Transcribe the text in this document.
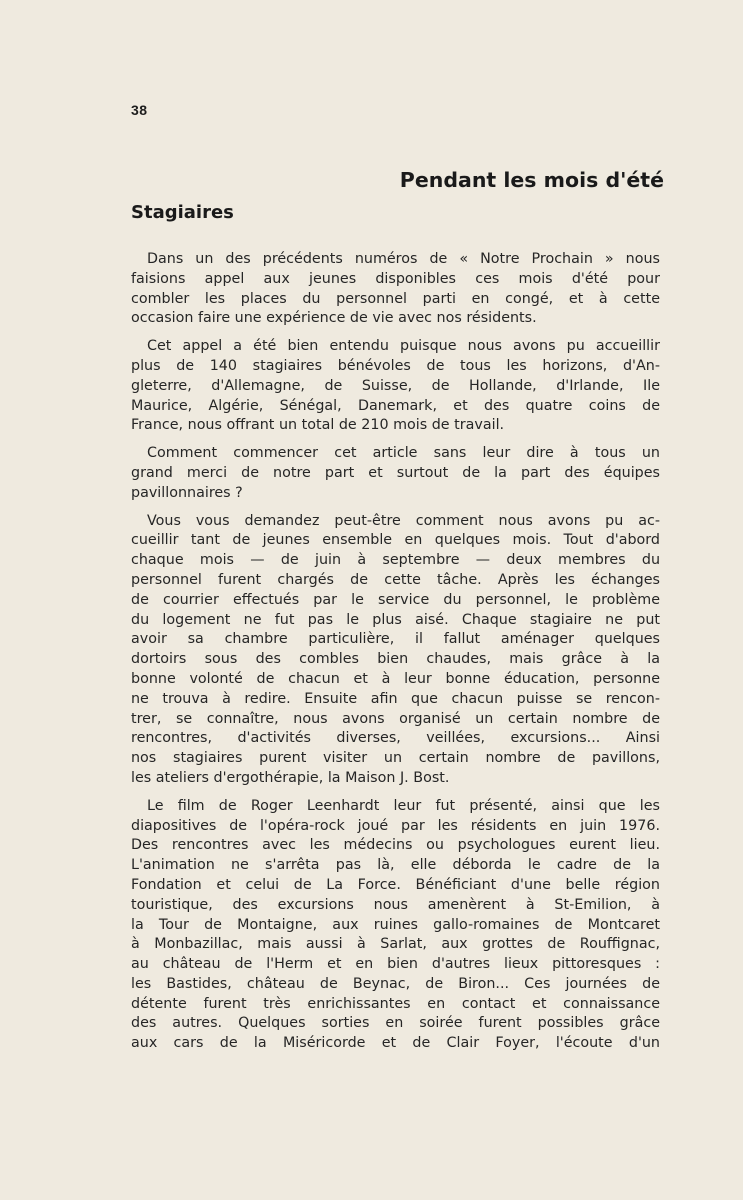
38
Pendant les mois d'été
Stagiaires
Dans un des précédents numéros de « Notre Prochain » nous
faisions appel aux jeunes disponibles ces mois d'été pour
combler les places du personnel parti en congé, et à cette
occasion faire une expérience de vie avec nos résidents.
Cet appel a été bien entendu puisque nous avons pu accueillir
plus de 140 stagiaires bénévoles de tous les horizons, d'An-
gleterre, d'Allemagne, de Suisse, de Hollande, d'Irlande, Ile
Maurice, Algérie, Sénégal, Danemark, et des quatre coins de
France, nous offrant un total de 210 mois de travail.
Comment commencer cet article sans leur dire à tous un
grand merci de notre part et surtout de la part des équipes
pavillonnaires ?
Vous vous demandez peut-être comment nous avons pu ac-
cueillir tant de jeunes ensemble en quelques mois. Tout d'abord
chaque mois — de juin à septembre — deux membres du
personnel furent chargés de cette tâche. Après les échanges
de courrier effectués par le service du personnel, le problème
du logement ne fut pas le plus aisé. Chaque stagiaire ne put
avoir sa chambre particulière, il fallut aménager quelques
dortoirs sous des combles bien chaudes, mais grâce à la
bonne volonté de chacun et à leur bonne éducation, personne
ne trouva à redire. Ensuite afin que chacun puisse se rencon-
trer, se connaître, nous avons organisé un certain nombre de
rencontres, d'activités diverses, veillées, excursions... Ainsi
nos stagiaires purent visiter un certain nombre de pavillons,
les ateliers d'ergothérapie, la Maison J. Bost.
Le film de Roger Leenhardt leur fut présenté, ainsi que les
diapositives de l'opéra-rock joué par les résidents en juin 1976.
Des rencontres avec les médecins ou psychologues eurent lieu.
L'animation ne s'arrêta pas là, elle déborda le cadre de la
Fondation et celui de La Force. Bénéficiant d'une belle région
touristique, des excursions nous amenèrent à St-Emilion, à
la Tour de Montaigne, aux ruines gallo-romaines de Montcaret
à Monbazillac, mais aussi à Sarlat, aux grottes de Rouffignac,
au château de l'Herm et en bien d'autres lieux pittoresques :
les Bastides, château de Beynac, de Biron... Ces journées de
détente furent très enrichissantes en contact et connaissance
des autres. Quelques sorties en soirée furent possibles grâce
aux cars de la Miséricorde et de Clair Foyer, l'écoute d'un
